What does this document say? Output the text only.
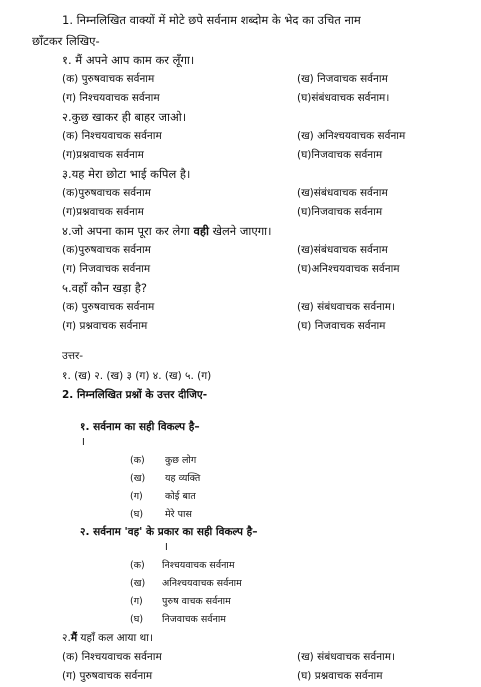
1. निम्नलिखित वाक्यों में मोटे छपे सर्वनाम शब्दोम के भेद का उचित नाम
छाँटकर लिखिए-
१. मैं अपने आप काम कर लूँगा।
(क) पुरुषवाचक सर्वनाम	(ख) निजवाचक सर्वनाम
(ग) निश्चयवाचक सर्वनाम	(घ)संबंधवाचक सर्वनाम।
२.कुछ खाकर ही बाहर जाओ।
(क) निश्चयवाचक सर्वनाम	(ख) अनिश्चयवाचक सर्वनाम
(ग)प्रश्नवाचक सर्वनाम	(घ)निजवाचक सर्वनाम
३.यह मेरा छोटा भाई कपिल है।
(क)पुरुषवाचक सर्वनाम	(ख)संबंधवाचक सर्वनाम
(ग)प्रश्नवाचक सर्वनाम	(घ)निजवाचक सर्वनाम
४.जो अपना काम पूरा कर लेगा वही खेलने जाएगा।
(क)पुरुषवाचक सर्वनाम	(ख)संबंधवाचक सर्वनाम
(ग) निजवाचक सर्वनाम	(घ)अनिश्चयवाचक सर्वनाम
५.वहाँ कौन खड़ा है?
(क) पुरुषवाचक सर्वनाम	(ख) संबंधवाचक सर्वनाम।
(ग) प्रश्नवाचक सर्वनाम	(घ) निजवाचक सर्वनाम
उत्तर-
१. (ख) २. (ख) ३ (ग) ४. (ख) ५. (ग)
2. निम्नलिखित प्रश्नों के उत्तर दीजिए-
१. सर्वनाम का सही विकल्प है–
I
(क) कुछ लोग
(ख) यह व्यक्ति
(ग) कोई बात
(घ) मेरे पास
२. सर्वनाम 'वह' के प्रकार का सही विकल्प है–
I
(क) निश्चयवाचक सर्वनाम
(ख) अनिश्चयवाचक सर्वनाम
(ग) पुरुष वाचक सर्वनाम
(घ) निजवाचक सर्वनाम
२.मैं यहाँ कल आया था।
(क) निश्चयवाचक सर्वनाम	(ख) संबंधवाचक सर्वनाम।
(ग) पुरुषवाचक सर्वनाम	(घ) प्रश्नवाचक सर्वनाम
